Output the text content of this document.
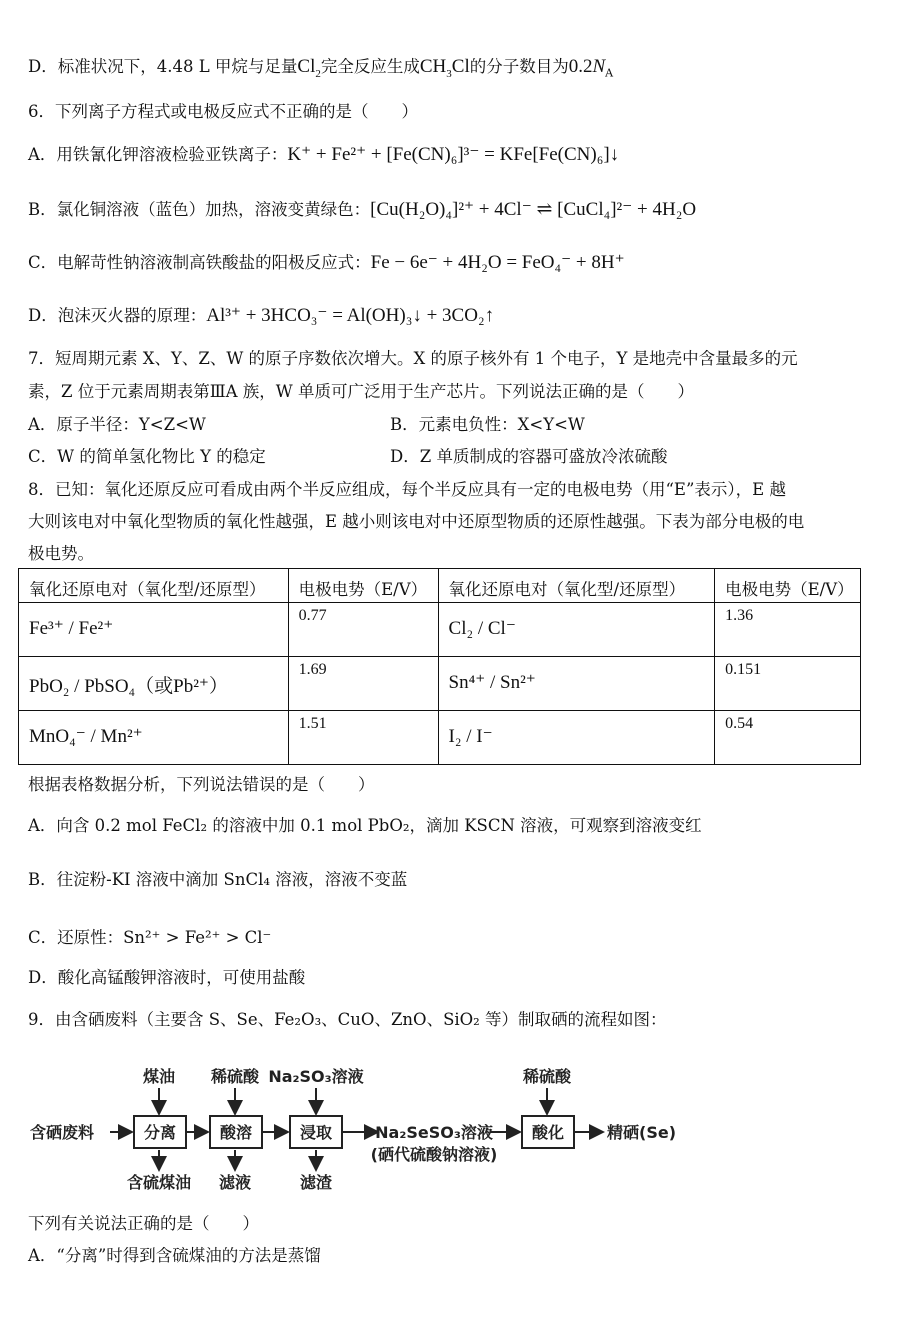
D．标准状况下，4.48 L 甲烷与足量$Cl_2$完全反应生成$CH_3Cl$的分子数目为$0.2N_A$
6．下列离子方程式或电极反应式不正确的是（　　）
A．用铁氰化钾溶液检验亚铁离子：K⁺ + Fe²⁺ + [Fe(CN)₆]³⁻ = KFe[Fe(CN)₆]↓
B．氯化铜溶液（蓝色）加热，溶液变黄绿色：[Cu(H₂O)₄]²⁺ + 4Cl⁻ ⇌ [CuCl₄]²⁻ + 4H₂O
C．电解苛性钠溶液制高铁酸盐的阳极反应式：Fe − 6e⁻ + 4H₂O = FeO₄⁻ + 8H⁺
D．泡沫灭火器的原理：Al³⁺ + 3HCO₃⁻ = Al(OH)₃↓ + 3CO₂↑
7．短周期元素 X、Y、Z、W 的原子序数依次增大。X 的原子核外有 1 个电子，Y 是地壳中含量最多的元
素，Z 位于元素周期表第ⅢA 族，W 单质可广泛用于生产芯片。下列说法正确的是（　　）
A．原子半径：Y<Z<W	B．元素电负性：X<Y<W
C．W 的简单氢化物比 Y 的稳定	D．Z 单质制成的容器可盛放冷浓硫酸
8．已知：氧化还原反应可看成由两个半反应组成，每个半反应具有一定的电极电势（用“E”表示），E 越
大则该电对中氧化型物质的氧化性越强，E 越小则该电对中还原型物质的还原性越强。下表为部分电极的电
极电势。
氧化还原电对（氧化型/还原型）	电极电势（E/V）	氧化还原电对（氧化型/还原型）	电极电势（E/V）

Fe³⁺ / Fe²⁺	0.77	Cl₂ / Cl⁻	1.36

PbO₂ / PbSO₄（或Pb²⁺）	1.69	Sn⁴⁺ / Sn²⁺	0.151

MnO₄⁻ / Mn²⁺	1.51	I₂ / I⁻	0.54
根据表格数据分析，下列说法错误的是（　　）
A．向含 0.2 mol FeCl₂ 的溶液中加 0.1 mol PbO₂，滴加 KSCN 溶液，可观察到溶液变红
B．往淀粉-KI 溶液中滴加 SnCl₄ 溶液，溶液不变蓝
C．还原性：Sn²⁺ > Fe²⁺ > Cl⁻
D．酸化高锰酸钾溶液时，可使用盐酸
9．由含硒废料（主要含 S、Se、Fe₂O₃、CuO、ZnO、SiO₂ 等）制取硒的流程如图：
含硒废料	分离	酸溶	浸取	酸化
煤油 稀硫酸 Na₂SO₃溶液	稀硫酸
含硫煤油 滤液	滤渣
Na₂SeSO₃溶液
(硒代硫酸钠溶液)
精硒(Se)
下列有关说法正确的是（　　）
A．“分离”时得到含硫煤油的方法是蒸馏
